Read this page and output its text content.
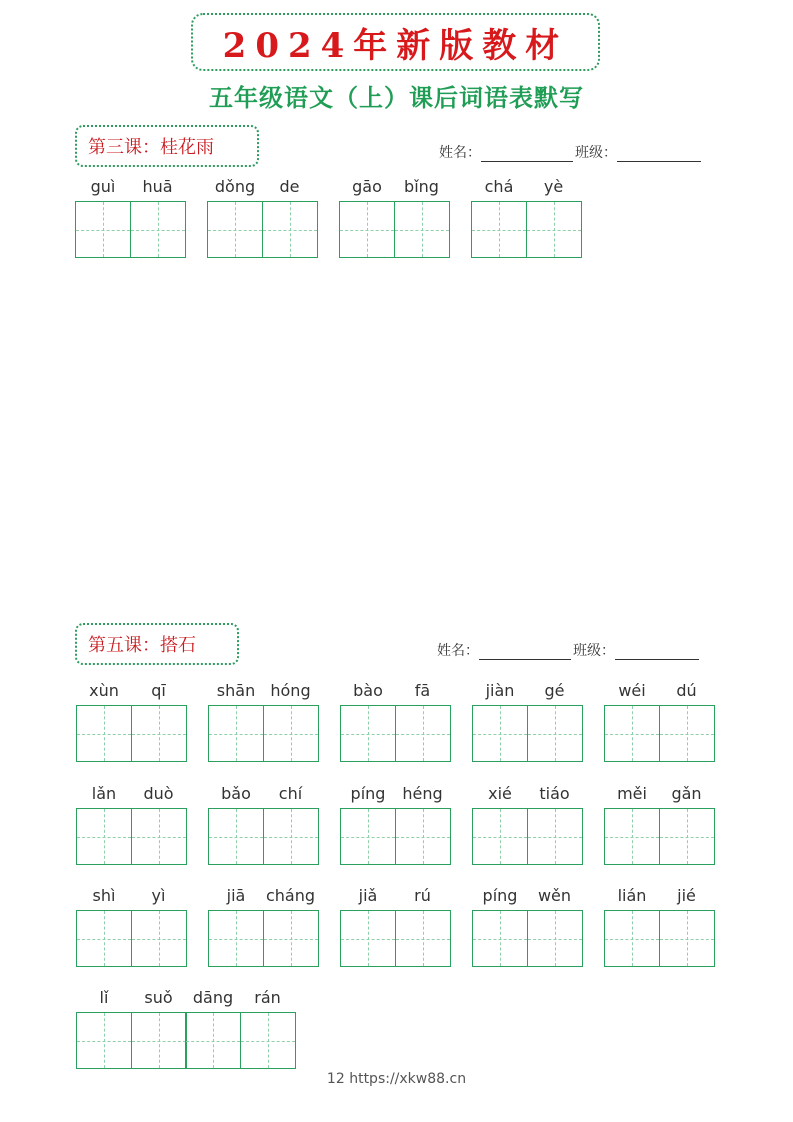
2024年新版教材
五年级语文（上）课后词语表默写
第三课：桂花雨	姓名：	班级：
guì	huā	dǒng	de	gāo	bǐng	chá	yè
第五课：搭石	姓名：	班级：
xùn	qī	shān hóng	bào	fā	jiàn	gé	wéi	dú
lǎn	duò	bǎo	chí	píng	héng	xié	tiáo	měi	gǎn
shì	yì	jiā	cháng	jiǎ	rú	píng	wěn	lián	jié
lǐ	suǒ	dāng	rán
12 https://xkw88.cn
